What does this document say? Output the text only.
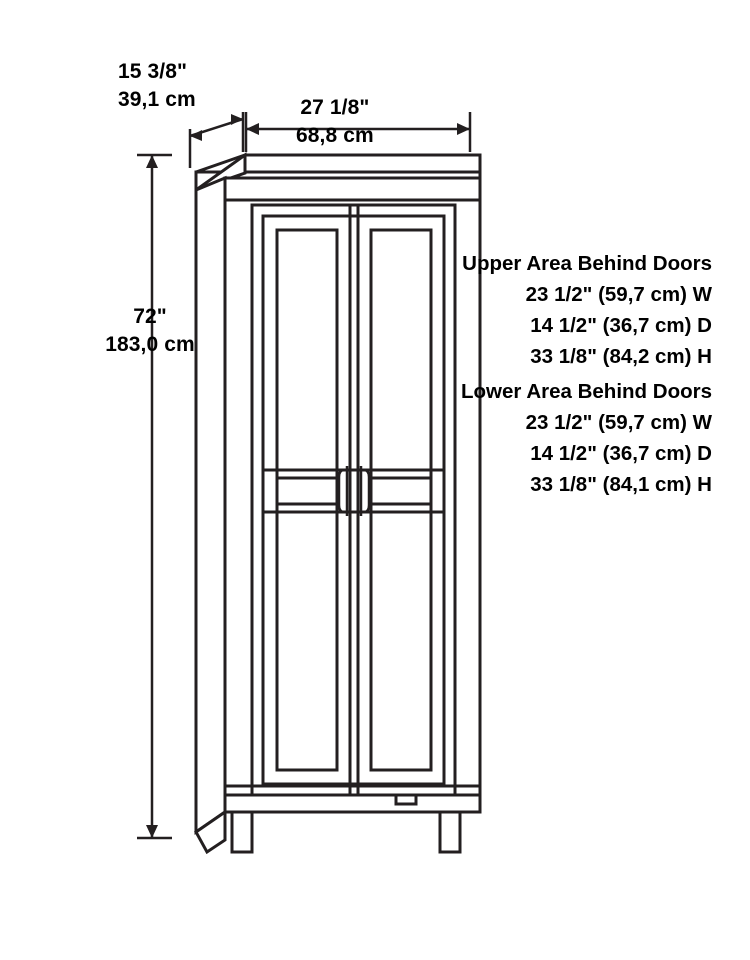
15 3/8"
39,1 cm	27 1/8"
68,8 cm
72"
183,0 cm
Upper Area Behind Doors
23 1/2" (59,7 cm) W
14 1/2" (36,7 cm) D
33 1/8" (84,2 cm) H
Lower Area Behind Doors
23 1/2" (59,7 cm) W
14 1/2" (36,7 cm) D
33 1/8" (84,1 cm) H
